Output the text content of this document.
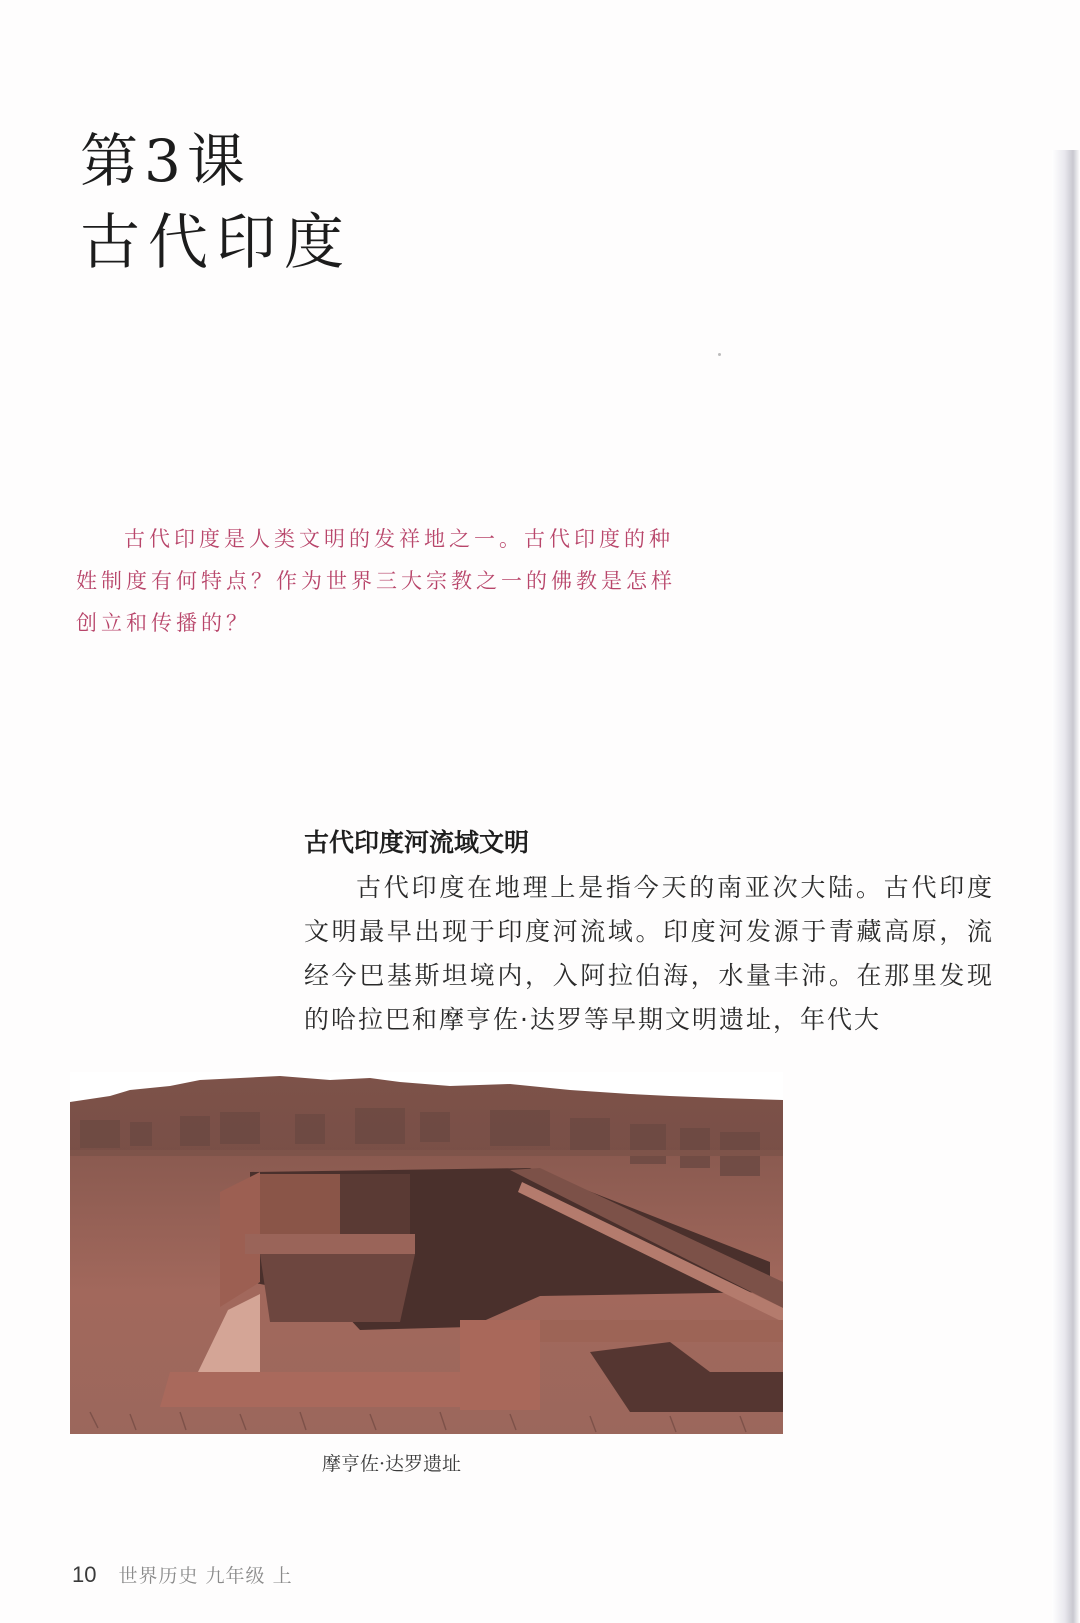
第3课
古代印度

古代印度是人类文明的发祥地之一。古代印度的种姓制度有何特点？作为世界三大宗教之一的佛教是怎样创立和传播的？

古代印度河流域文明

古代印度在地理上是指今天的南亚次大陆。古代印度文明最早出现于印度河流域。印度河发源于青藏高原，流经今巴基斯坦境内，入阿拉伯海，水量丰沛。在那里发现的哈拉巴和摩亨佐·达罗等早期文明遗址，年代大

摩亨佐·达罗遗址
10 世界历史 九年级 上
